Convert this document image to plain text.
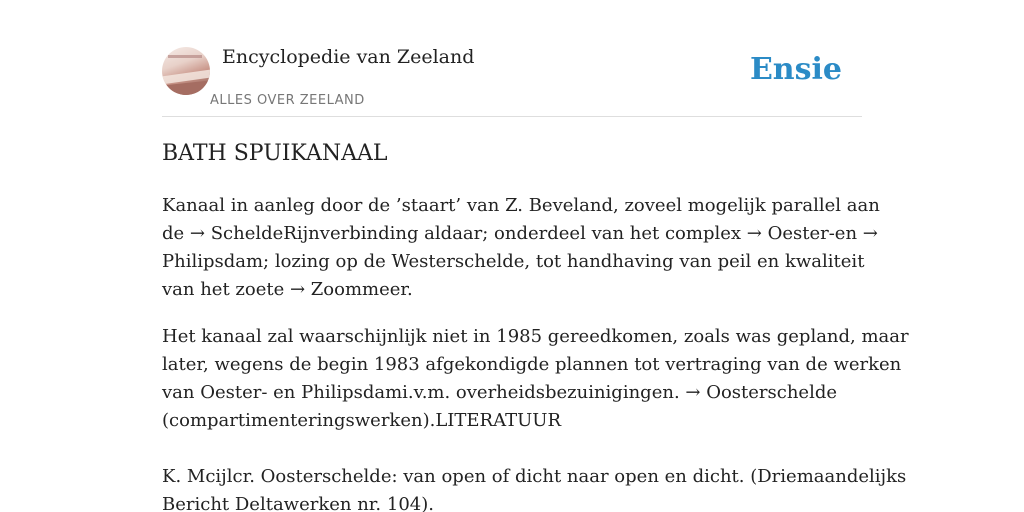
Encyclopedie van Zeeland
ALLES OVER ZEELAND
Ensie
BATH SPUIKANAAL

Kanaal in aanleg door de ’staart’ van Z. Beveland, zoveel mogelijk parallel aan
de → ScheldeRijnverbinding aldaar; onderdeel van het complex → Oester-en →
Philipsdam; lozing op de Westerschelde, tot handhaving van peil en kwaliteit
van het zoete → Zoommeer.

Het kanaal zal waarschijnlijk niet in 1985 gereedkomen, zoals was gepland, maar
later, wegens de begin 1983 afgekondigde plannen tot vertraging van de werken
van Oester- en Philipsdami.v.m. overheidsbezuinigingen. → Oosterschelde
(compartimenteringswerken).LITERATUUR

K. Mcijlcr. Oosterschelde: van open of dicht naar open en dicht. (Driemaandelijks
Bericht Deltawerken nr. 104).
